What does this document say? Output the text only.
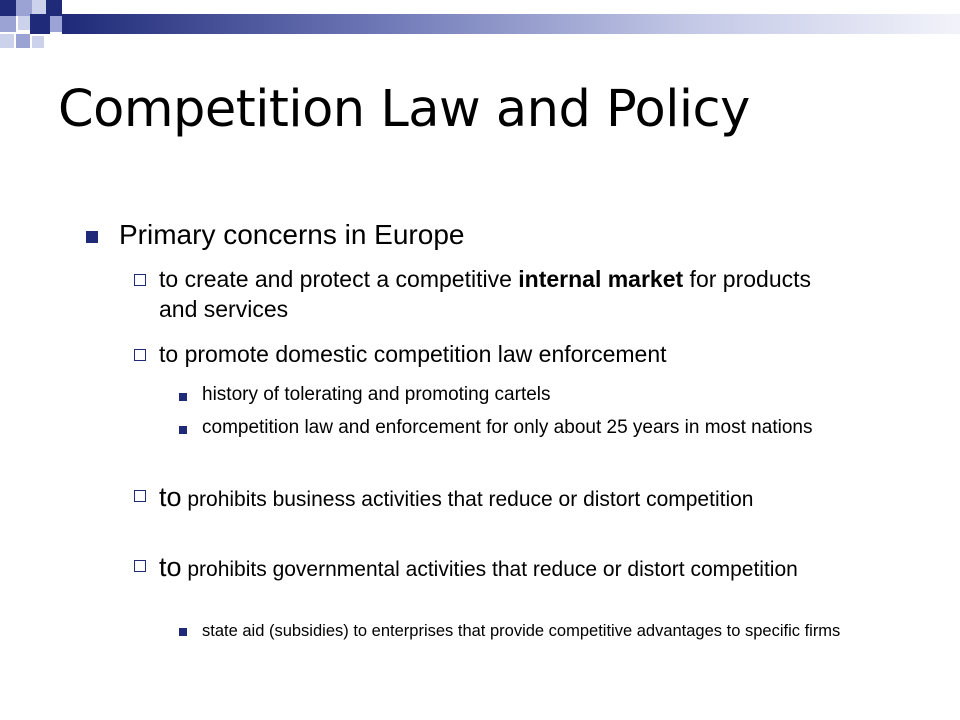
Competition Law and Policy
Primary concerns in Europe
to create and protect a competitive internal market for products and services
to promote domestic competition law enforcement
history of tolerating and promoting cartels
competition law and enforcement for only about 25 years in most nations
to prohibits business activities that reduce or distort competition
to prohibits governmental activities that reduce or distort competition
state aid (subsidies) to enterprises that provide competitive advantages to specific firms
